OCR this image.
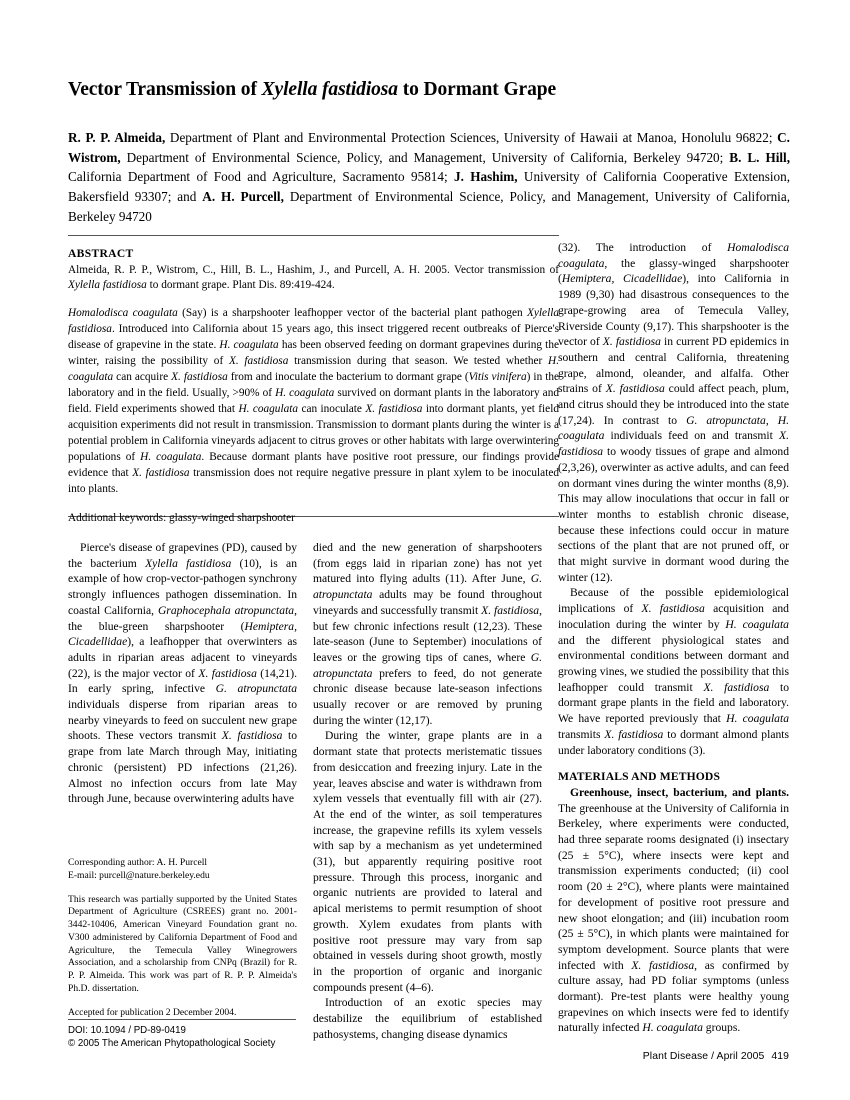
Vector Transmission of Xylella fastidiosa to Dormant Grape
R. P. P. Almeida, Department of Plant and Environmental Protection Sciences, University of Hawaii at Manoa, Honolulu 96822; C. Wistrom, Department of Environmental Science, Policy, and Management, University of California, Berkeley 94720; B. L. Hill, California Department of Food and Agriculture, Sacramento 95814; J. Hashim, University of California Cooperative Extension, Bakersfield 93307; and A. H. Purcell, Department of Environmental Science, Policy, and Management, University of California, Berkeley 94720
ABSTRACT

Almeida, R. P. P., Wistrom, C., Hill, B. L., Hashim, J., and Purcell, A. H. 2005. Vector transmission of Xylella fastidiosa to dormant grape. Plant Dis. 89:419-424.

Homalodisca coagulata (Say) is a sharpshooter leafhopper vector of the bacterial plant pathogen Xylella fastidiosa. Introduced into California about 15 years ago, this insect triggered recent outbreaks of Pierce's disease of grapevine in the state. H. coagulata has been observed feeding on dormant grapevines during the winter, raising the possibility of X. fastidiosa transmission during that season. We tested whether H. coagulata can acquire X. fastidiosa from and inoculate the bacterium to dormant grape (Vitis vinifera) in the laboratory and in the field. Usually, >90% of H. coagulata survived on dormant plants in the laboratory and field. Field experiments showed that H. coagulata can inoculate X. fastidiosa into dormant plants, yet field acquisition experiments did not result in transmission. Transmission to dormant plants during the winter is a potential problem in California vineyards adjacent to citrus groves or other habitats with large overwintering populations of H. coagulata. Because dormant plants have positive root pressure, our findings provide evidence that X. fastidiosa transmission does not require negative pressure in plant xylem to be inoculated into plants.

Additional keywords: glassy-winged sharpshooter

Pierce's disease of grapevines (PD), caused by the bacterium Xylella fastidiosa (10), is an example of how crop-vector-pathogen synchrony strongly influences pathogen dissemination. In coastal California, Graphocephala atropunctata, the blue-green sharpshooter (Hemiptera, Cicadellidae), a leafhopper that overwinters as adults in riparian areas adjacent to vineyards (22), is the major vector of X. fastidiosa (14,21). In early spring, infective G. atropunctata individuals disperse from riparian areas to nearby vineyards to feed on succulent new grape shoots. These vectors transmit X. fastidiosa to grape from late March through May, initiating chronic (persistent) PD infections (21,26). Almost no infection occurs from late May through June, because overwintering adults have

Corresponding author: A. H. Purcell

E-mail: purcell@nature.berkeley.edu

This research was partially supported by the United States Department of Agriculture (CSREES) grant no. 2001-3442-10406, American Vineyard Foundation grant no. V300 administered by California Department of Food and Agriculture, the Temecula Valley Winegrowers Association, and a scholarship from CNPq (Brazil) for R. P. P. Almeida. This work was part of R. P. P. Almeida's Ph.D. dissertation.

Accepted for publication 2 December 2004.

DOI: 10.1094 / PD-89-0419

© 2005 The American Phytopathological Society

died and the new generation of sharpshooters (from eggs laid in riparian zone) has not yet matured into flying adults (11). After June, G. atropunctata adults may be found throughout vineyards and successfully transmit X. fastidiosa, but few chronic infections result (12,23). These late-season (June to September) inoculations of leaves or the growing tips of canes, where G. atropunctata prefers to feed, do not generate chronic disease because late-season infections usually recover or are removed by pruning during the winter (12,17).

During the winter, grape plants are in a dormant state that protects meristematic tissues from desiccation and freezing injury. Late in the year, leaves abscise and water is withdrawn from xylem vessels that eventually fill with air (27). At the end of the winter, as soil temperatures increase, the grapevine refills its xylem vessels with sap by a mechanism as yet undetermined (31), but apparently requiring positive root pressure. Through this process, inorganic and organic nutrients are provided to lateral and apical meristems to permit resumption of shoot growth. Xylem exudates from plants with positive root pressure may vary from sap obtained in vessels during shoot growth, mostly in the proportion of organic and inorganic compounds present (4–6).

Introduction of an exotic species may destabilize the equilibrium of established pathosystems, changing disease dynamics

(32). The introduction of Homalodisca coagulata, the glassy-winged sharpshooter (Hemiptera, Cicadellidae), into California in 1989 (9,30) had disastrous consequences to the grape-growing area of Temecula Valley, Riverside County (9,17). This sharpshooter is the vector of X. fastidiosa in current PD epidemics in southern and central California, threatening grape, almond, oleander, and alfalfa. Other strains of X. fastidiosa could affect peach, plum, and citrus should they be introduced into the state (17,24). In contrast to G. atropunctata, H. coagulata individuals feed on and transmit X. fastidiosa to woody tissues of grape and almond (2,3,26), overwinter as active adults, and can feed on dormant vines during the winter months (8,9). This may allow inoculations that occur in fall or winter months to establish chronic disease, because these infections could occur in mature sections of the plant that are not pruned off, or that might survive in dormant wood during the winter (12).

Because of the possible epidemiological implications of X. fastidiosa acquisition and inoculation during the winter by H. coagulata and the different physiological states and environmental conditions between dormant and growing vines, we studied the possibility that this leafhopper could transmit X. fastidiosa to dormant grape plants in the field and laboratory. We have reported previously that H. coagulata transmits X. fastidiosa to dormant almond plants under laboratory conditions (3).

MATERIALS AND METHODS

Greenhouse, insect, bacterium, and plants. The greenhouse at the University of California in Berkeley, where experiments were conducted, had three separate rooms designated (i) insectary (25 ± 5°C), where insects were kept and transmission experiments conducted; (ii) cool room (20 ± 2°C), where plants were maintained for development of positive root pressure and new shoot elongation; and (iii) incubation room (25 ± 5°C), in which plants were maintained for symptom development. Source plants that were infected with X. fastidiosa, as confirmed by culture assay, had PD foliar symptoms (unless dormant). Pre-test plants were healthy young grapevines on which insects were fed to identify naturally infected H. coagulata groups.

Plant Disease / April 2005 419
